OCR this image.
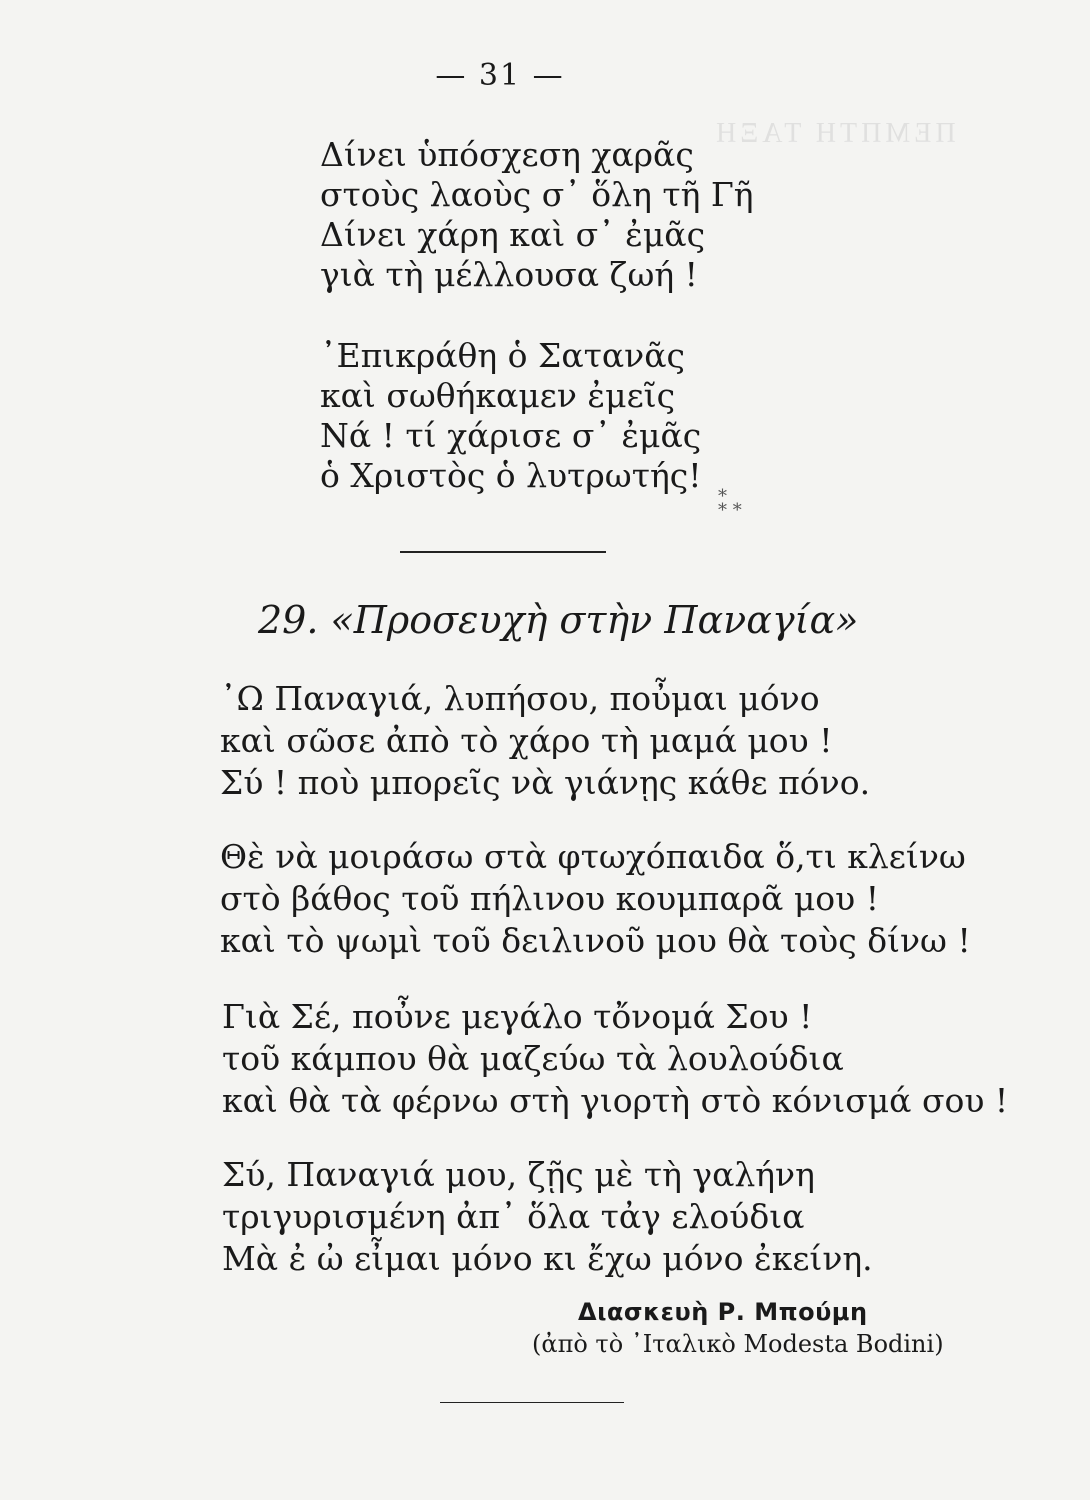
ΠΕΜΠΤΗ ΤΑΞΗ
— 31 —
Δίνει ὑπόσχεση χαρᾶς
στοὺς λαοὺς σ᾿ ὅλη τῆ Γῆ
Δίνει χάρη καὶ σ᾿ ἐμᾶς
γιὰ τὴ μέλλουσα ζωή !
᾿Επικράθη ὁ Σατανᾶς
καὶ σωθήκαμεν ἐμεῖς
Νά ! τί χάρισε σ᾿ ἐμᾶς
ὁ Χριστὸς ὁ λυτρωτής!
*
* *
29. «Προσευχὴ στὴν Παναγία»
᾿Ω Παναγιά, λυπήσου, ποὖμαι μόνο
καὶ σῶσε ἀπὸ τὸ χάρο τὴ μαμά μου !
Σύ ! ποὺ μπορεῖς νὰ γιάνῃς κάθε πόνο.
Θὲ νὰ μοιράσω στὰ φτωχόπαιδα ὅ,τι κλείνω
στὸ βάθος τοῦ πήλινου κουμπαρᾶ μου !
καὶ τὸ ψωμὶ τοῦ δειλινοῦ μου θὰ τοὺς δίνω !
Γιὰ Σέ, ποὖνε μεγάλο τὄνομά Σου !
τοῦ κάμπου θὰ μαζεύω τὰ λουλούδια
καὶ θὰ τὰ φέρνω στὴ γιορτὴ στὸ κόνισμά σου !
Σύ, Παναγιά μου, ζῇς μὲ τὴ γαλήνη
τριγυρισμένη ἀπ᾿ ὅλα τἀγ ελούδια
Μὰ ἐ ὠ εἶμαι μόνο κι ἔχω μόνο ἐκείνη.
Διασκευὴ Ρ. Μπούμη
(ἀπὸ τὸ ᾿Ιταλικὸ Modesta Bodini)
